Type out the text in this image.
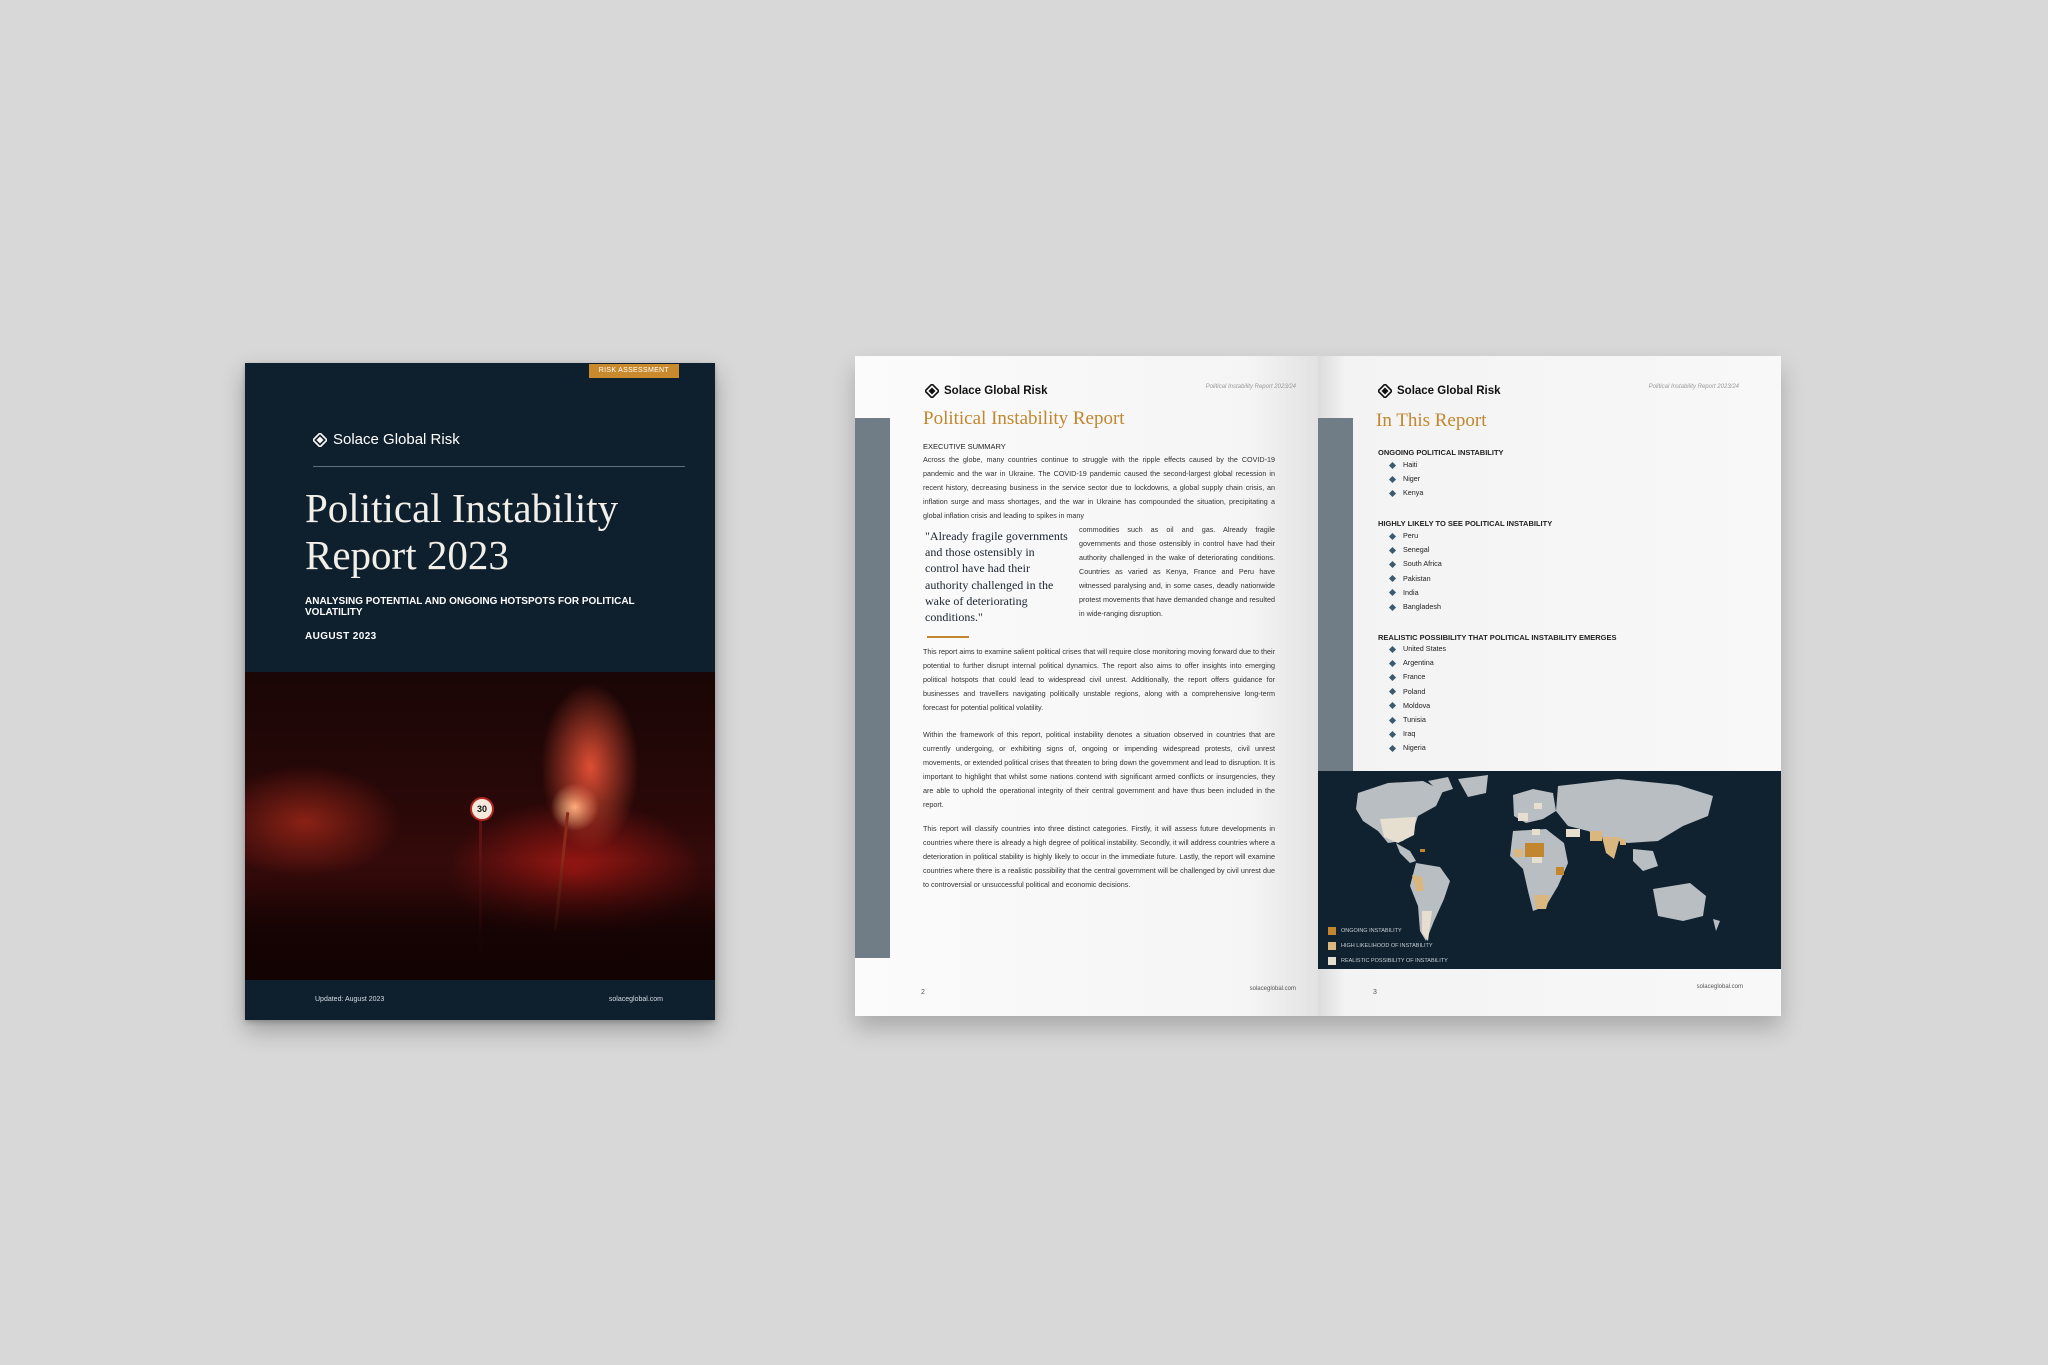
RISK ASSESSMENT
Solace Global Risk
Political Instability Report 2023
ANALYSING POTENTIAL AND ONGOING HOTSPOTS FOR POLITICAL VOLATILITY
AUGUST 2023
30
Updated: August 2023	solaceglobal.com
Solace Global Risk	Political Instability Report 2023/24
Political Instability Report
EXECUTIVE SUMMARY
Across the globe, many countries continue to struggle with the ripple effects caused by the COVID-19 pandemic and the war in Ukraine. The COVID-19 pandemic caused the second-largest global recession in recent history, decreasing business in the service sector due to lockdowns, a global supply chain crisis, an inflation surge and mass shortages, and the war in Ukraine has compounded the situation, precipitating a global inflation crisis and leading to spikes in many
"Already fragile governments and those ostensibly in control have had their authority challenged in the wake of deteriorating conditions."
commodities such as oil and gas. Already fragile governments and those ostensibly in control have had their authority challenged in the wake of deteriorating conditions. Countries as varied as Kenya, France and Peru have witnessed paralysing and, in some cases, deadly nationwide protest movements that have demanded change and resulted in wide-ranging disruption.
This report aims to examine salient political crises that will require close monitoring moving forward due to their potential to further disrupt internal political dynamics. The report also aims to offer insights into emerging political hotspots that could lead to widespread civil unrest. Additionally, the report offers guidance for businesses and travellers navigating politically unstable regions, along with a comprehensive long-term forecast for potential political volatility.
Within the framework of this report, political instability denotes a situation observed in countries that are currently undergoing, or exhibiting signs of, ongoing or impending widespread protests, civil unrest movements, or extended political crises that threaten to bring down the government and lead to disruption. It is important to highlight that whilst some nations contend with significant armed conflicts or insurgencies, they are able to uphold the operational integrity of their central government and have thus been included in the report.
This report will classify countries into three distinct categories. Firstly, it will assess future developments in countries where there is already a high degree of political instability. Secondly, it will address countries where a deterioration in political stability is highly likely to occur in the immediate future. Lastly, the report will examine countries where there is a realistic possibility that the central government will be challenged by civil unrest due to controversial or unsuccessful political and economic decisions.
2	solaceglobal.com
Solace Global Risk	Political Instability Report 2023/24
In This Report
ONGOING POLITICAL INSTABILITY
Haiti
Niger
Kenya
HIGHLY LIKELY TO SEE POLITICAL INSTABILITY
Peru
Senegal
South Africa
Pakistan
India
Bangladesh
REALISTIC POSSIBILITY THAT POLITICAL INSTABILITY EMERGES
United States
Argentina
France
Poland
Moldova
Tunisia
Iraq
Nigeria
ONGOING INSTABILITY
HIGH LIKELIHOOD OF INSTABILITY
REALISTIC POSSIBILITY OF INSTABILITY
3
solaceglobal.com
